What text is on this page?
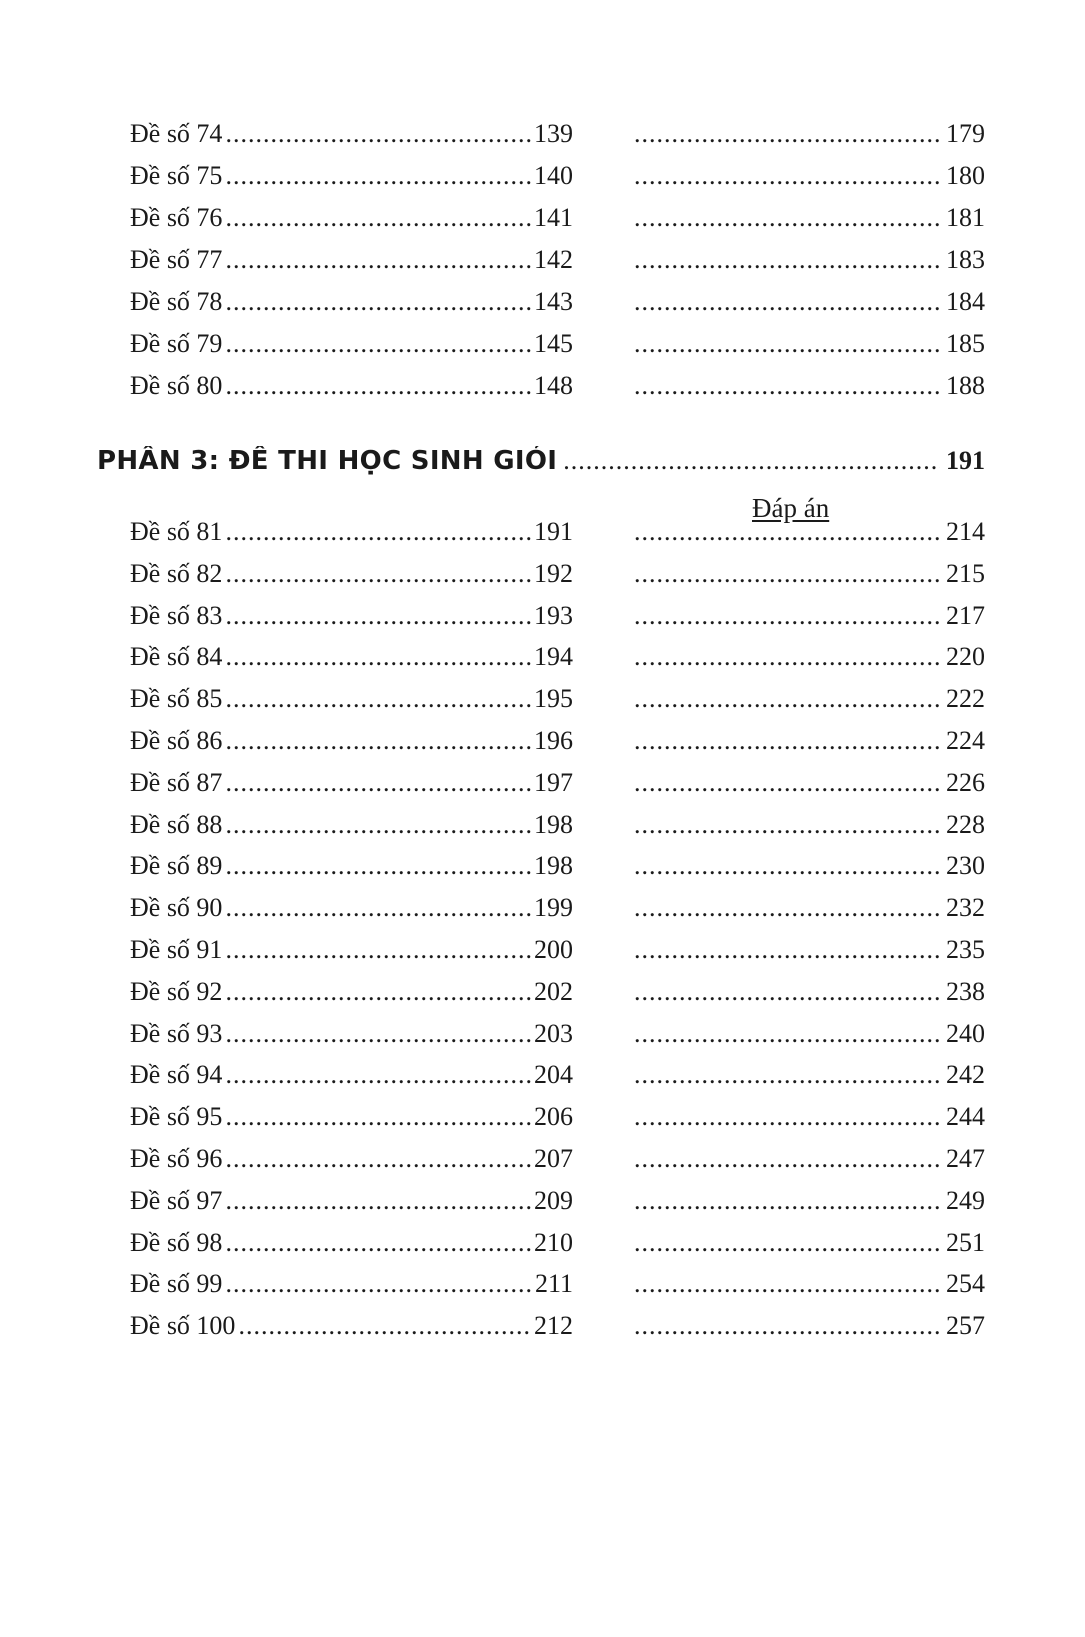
Đề số 74 .....	139 .....	179
Đề số 75 .....	140 .....	180
Đề số 76 .....	141 .....	181
Đề số 77 .....	142 .....	183
Đề số 78 .....	143 .....	184
Đề số 79 .....	145 .....	185
Đề số 80 .....	148 .....	188
PHẦN 3: ĐỀ THI HỌC SINH GIỎI .....	191
Đáp án
Đề số 81 .....	191 .....	214
Đề số 82 .....	192 .....	215
Đề số 83 .....	193 .....	217
Đề số 84 .....	194 .....	220
Đề số 85 .....	195 .....	222
Đề số 86 .....	196 .....	224
Đề số 87 .....	197 .....	226
Đề số 88 .....	198 .....	228
Đề số 89 .....	198 .....	230
Đề số 90 .....	199 .....	232
Đề số 91 .....	200 .....	235
Đề số 92 .....	202 .....	238
Đề số 93 .....	203 .....	240
Đề số 94 .....	204 .....	242
Đề số 95 .....	206 .....	244
Đề số 96 .....	207 .....	247
Đề số 97 .....	209 .....	249
Đề số 98 .....	210 .....	251
Đề số 99 .....	211 .....	254
Đề số 100 .....	212 .....	257
